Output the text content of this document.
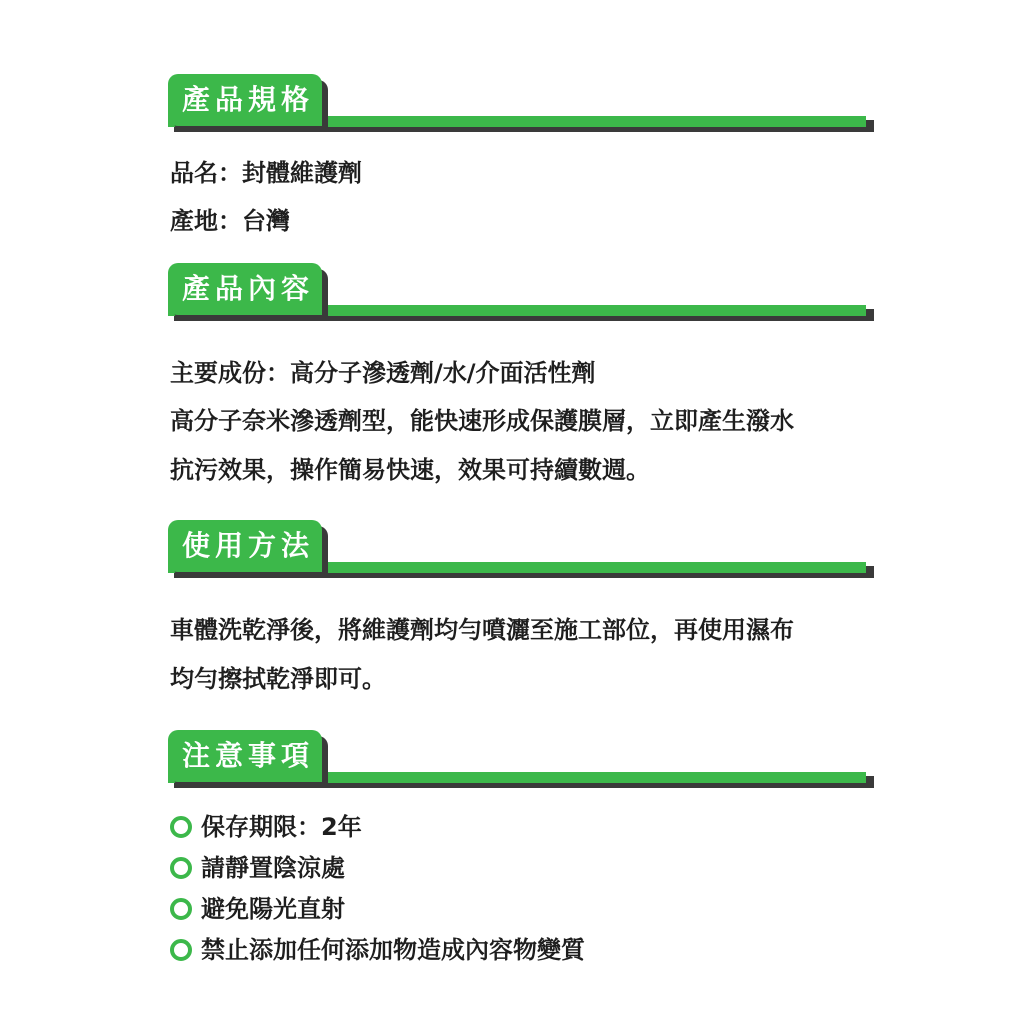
產品規格
品名：封體維護劑
產地：台灣
產品內容
主要成份：高分子滲透劑/水/介面活性劑
高分子奈米滲透劑型，能快速形成保護膜層，立即產生潑水
抗污效果，操作簡易快速，效果可持續數週。
使用方法
車體洗乾淨後，將維護劑均勻噴灑至施工部位，再使用濕布
均勻擦拭乾淨即可。
注意事項
保存期限：2年
請靜置陰涼處
避免陽光直射
禁止添加任何添加物造成內容物變質
